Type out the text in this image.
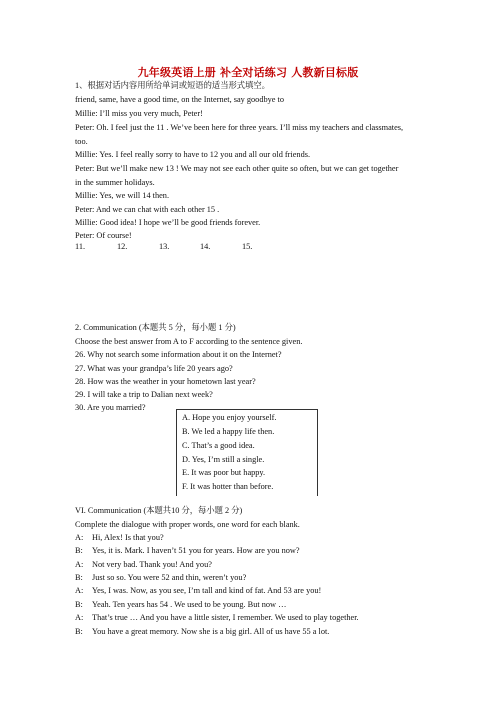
九年级英语上册 补全对话练习 人教新目标版
1、根据对话内容用所给单词或短语的适当形式填空。
friend, same, have a good time, on the Internet, say goodbye to
Millie: I’ll miss you very much, Peter!
Peter: Oh. I feel just the 11 . We’ve been here for three years. I’ll miss my teachers and classmates,
too.
Millie: Yes. I feel really sorry to have to 12 you and all our old friends.
Peter: But we’ll make new 13 ! We may not see each other quite so often, but we can get together
in the summer holidays.
Millie: Yes, we will 14 then.
Peter: And we can chat with each other 15 .
Millie: Good idea! I hope we’ll be good friends forever.
Peter: Of course!
11.	12.	13.	14.	15.
2. Communication (本题共 5 分，每小题 1 分)
Choose the best answer from A to F according to the sentence given.
26. Why not search some information about it on the Internet?
27. What was your grandpa’s life 20 years ago?
28. How was the weather in your hometown last year?
29. I will take a trip to Dalian next week?
30. Are you married?
A. Hope you enjoy yourself.
B. We led a happy life then.
C. That’s a good idea.
D. Yes, I’m still a single.
E. It was poor but happy.
F. It was hotter than before.
VI. Communication (本题共10 分，每小题 2 分)
Complete the dialogue with proper words, one word for each blank.
A: Hi, Alex! Is that you?
B: Yes, it is. Mark. I haven’t 51 you for years. How are you now?
A: Not very bad. Thank you! And you?
B: Just so so. You were 52 and thin, weren’t you?
A: Yes, I was. Now, as you see, I’m tall and kind of fat. And 53 are you!
B: Yeah. Ten years has 54 . We used to be young. But now …
A: That’s true … And you have a little sister, I remember. We used to play together.
B: You have a great memory. Now she is a big girl. All of us have 55 a lot.
